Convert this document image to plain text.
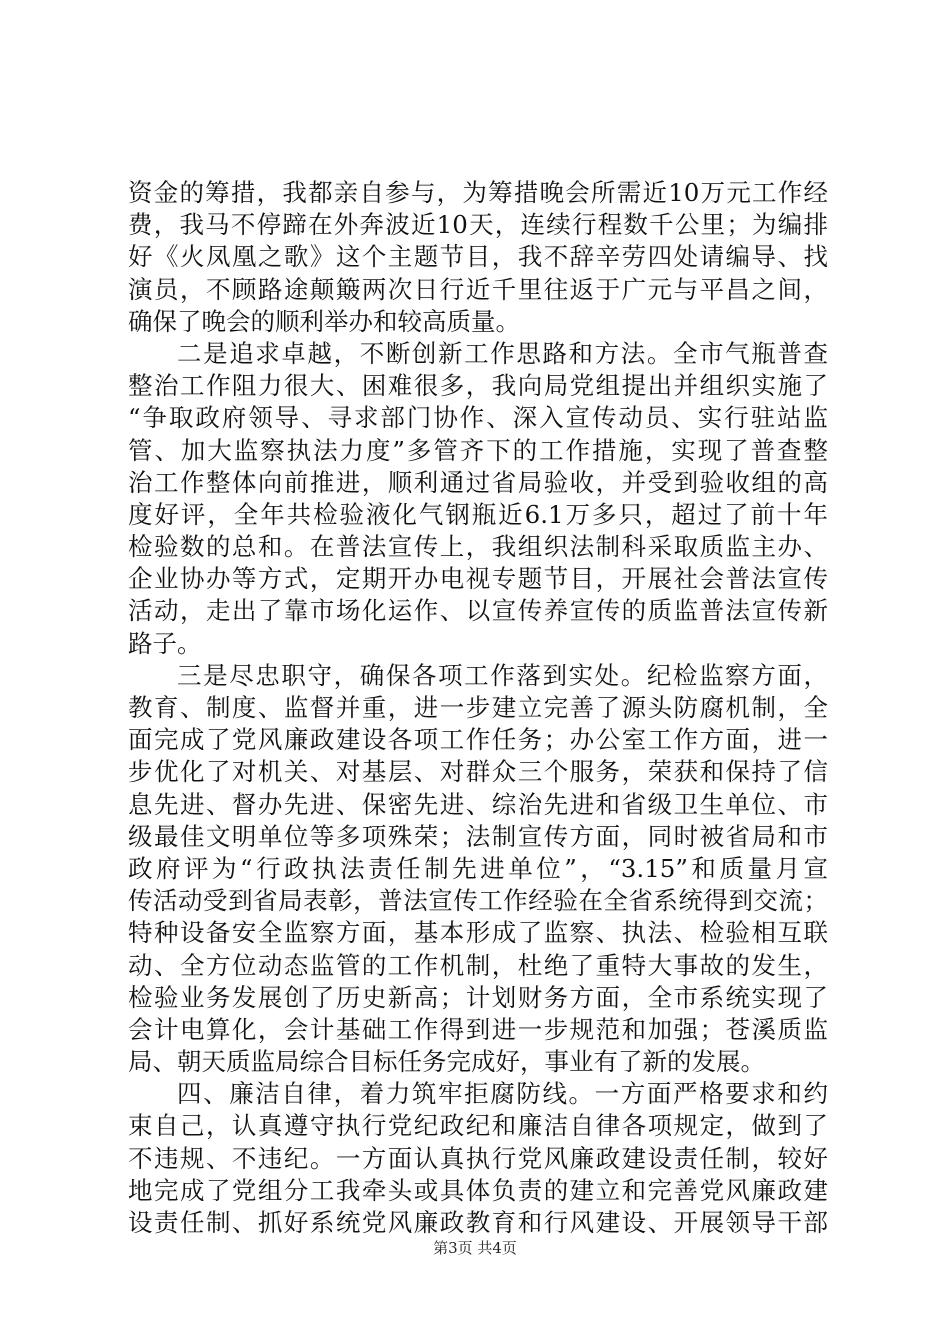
资金的筹措，我都亲自参与，为筹措晚会所需近10万元工作经
费，我马不停蹄在外奔波近10天，连续行程数千公里；为编排
好《火凤凰之歌》这个主题节目，我不辞辛劳四处请编导、找
演员，不顾路途颠簸两次日行近千里往返于广元与平昌之间，
确保了晚会的顺利举办和较高质量。
二是追求卓越，不断创新工作思路和方法。全市气瓶普查
整治工作阻力很大、困难很多，我向局党组提出并组织实施了
“争取政府领导、寻求部门协作、深入宣传动员、实行驻站监
管、加大监察执法力度”多管齐下的工作措施，实现了普查整
治工作整体向前推进，顺利通过省局验收，并受到验收组的高
度好评，全年共检验液化气钢瓶近6.1万多只，超过了前十年
检验数的总和。在普法宣传上，我组织法制科采取质监主办、
企业协办等方式，定期开办电视专题节目，开展社会普法宣传
活动，走出了靠市场化运作、以宣传养宣传的质监普法宣传新
路子。
三是尽忠职守，确保各项工作落到实处。纪检监察方面，
教育、制度、监督并重，进一步建立完善了源头防腐机制，全
面完成了党风廉政建设各项工作任务；办公室工作方面，进一
步优化了对机关、对基层、对群众三个服务，荣获和保持了信
息先进、督办先进、保密先进、综治先进和省级卫生单位、市
级最佳文明单位等多项殊荣；法制宣传方面，同时被省局和市
政府评为“行政执法责任制先进单位”，“3.15”和质量月宣
传活动受到省局表彰，普法宣传工作经验在全省系统得到交流；
特种设备安全监察方面，基本形成了监察、执法、检验相互联
动、全方位动态监管的工作机制，杜绝了重特大事故的发生，
检验业务发展创了历史新高；计划财务方面，全市系统实现了
会计电算化，会计基础工作得到进一步规范和加强；苍溪质监
局、朝天质监局综合目标任务完成好，事业有了新的发展。
四、廉洁自律，着力筑牢拒腐防线。一方面严格要求和约
束自己，认真遵守执行党纪政纪和廉洁自律各项规定，做到了
不违规、不违纪。一方面认真执行党风廉政建设责任制，较好
地完成了党组分工我牵头或具体负责的建立和完善党风廉政建
设责任制、抓好系统党风廉政教育和行风建设、开展领导干部
第3页 共4页
